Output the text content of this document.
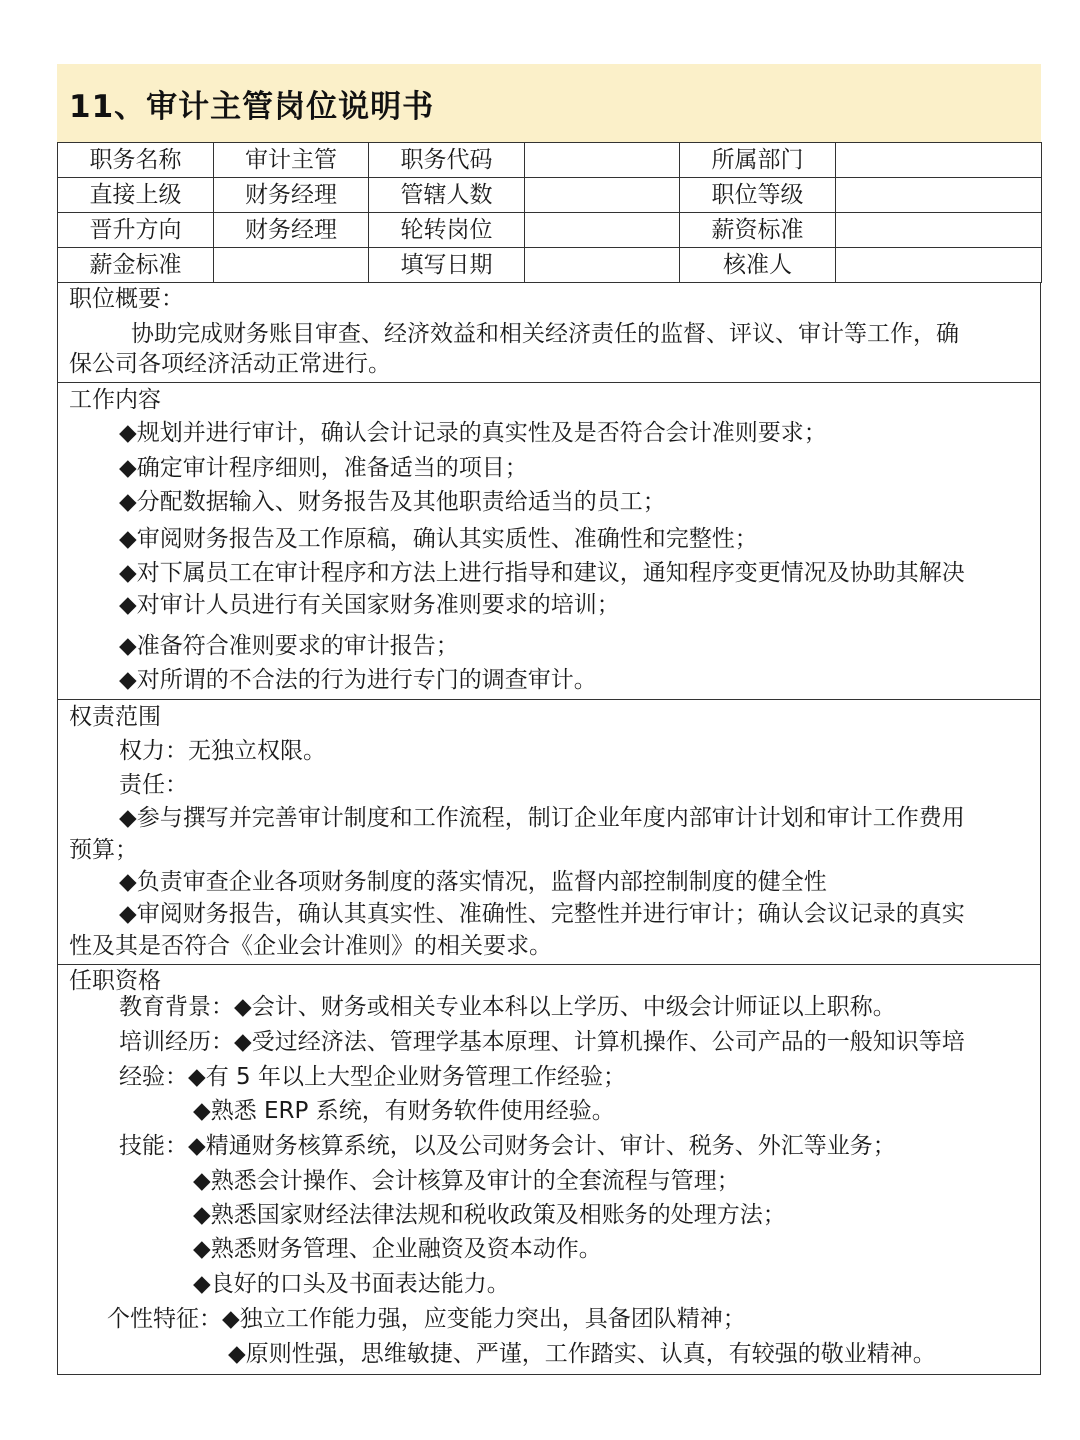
11、审计主管岗位说明书
职务名称	审计主管	职务代码		所属部门	
直接上级	财务经理	管辖人数		职位等级	
晋升方向	财务经理	轮转岗位		薪资标准	
薪金标准		填写日期		核准人	
职位概要：
协助完成财务账目审查、经济效益和相关经济责任的监督、评议、审计等工作，确
保公司各项经济活动正常进行。
工作内容
◆规划并进行审计，确认会计记录的真实性及是否符合会计准则要求；
◆确定审计程序细则，准备适当的项目；
◆分配数据输入、财务报告及其他职责给适当的员工；
◆审阅财务报告及工作原稿，确认其实质性、准确性和完整性；
◆对下属员工在审计程序和方法上进行指导和建议，通知程序变更情况及协助其解决
◆对审计人员进行有关国家财务准则要求的培训；
◆准备符合准则要求的审计报告；
◆对所谓的不合法的行为进行专门的调查审计。
权责范围
权力：无独立权限。
责任：
◆参与撰写并完善审计制度和工作流程，制订企业年度内部审计计划和审计工作费用
预算；
◆负责审查企业各项财务制度的落实情况，监督内部控制制度的健全性
◆审阅财务报告，确认其真实性、准确性、完整性并进行审计；确认会议记录的真实
性及其是否符合《企业会计准则》的相关要求。
任职资格
教育背景：◆会计、财务或相关专业本科以上学历、中级会计师证以上职称。
培训经历：◆受过经济法、管理学基本原理、计算机操作、公司产品的一般知识等培
经验：◆有 5 年以上大型企业财务管理工作经验；
◆熟悉 ERP 系统，有财务软件使用经验。
技能：◆精通财务核算系统，以及公司财务会计、审计、税务、外汇等业务；
◆熟悉会计操作、会计核算及审计的全套流程与管理；
◆熟悉国家财经法律法规和税收政策及相账务的处理方法；
◆熟悉财务管理、企业融资及资本动作。
◆良好的口头及书面表达能力。
个性特征：◆独立工作能力强，应变能力突出，具备团队精神；
◆原则性强，思维敏捷、严谨，工作踏实、认真，有较强的敬业精神。
